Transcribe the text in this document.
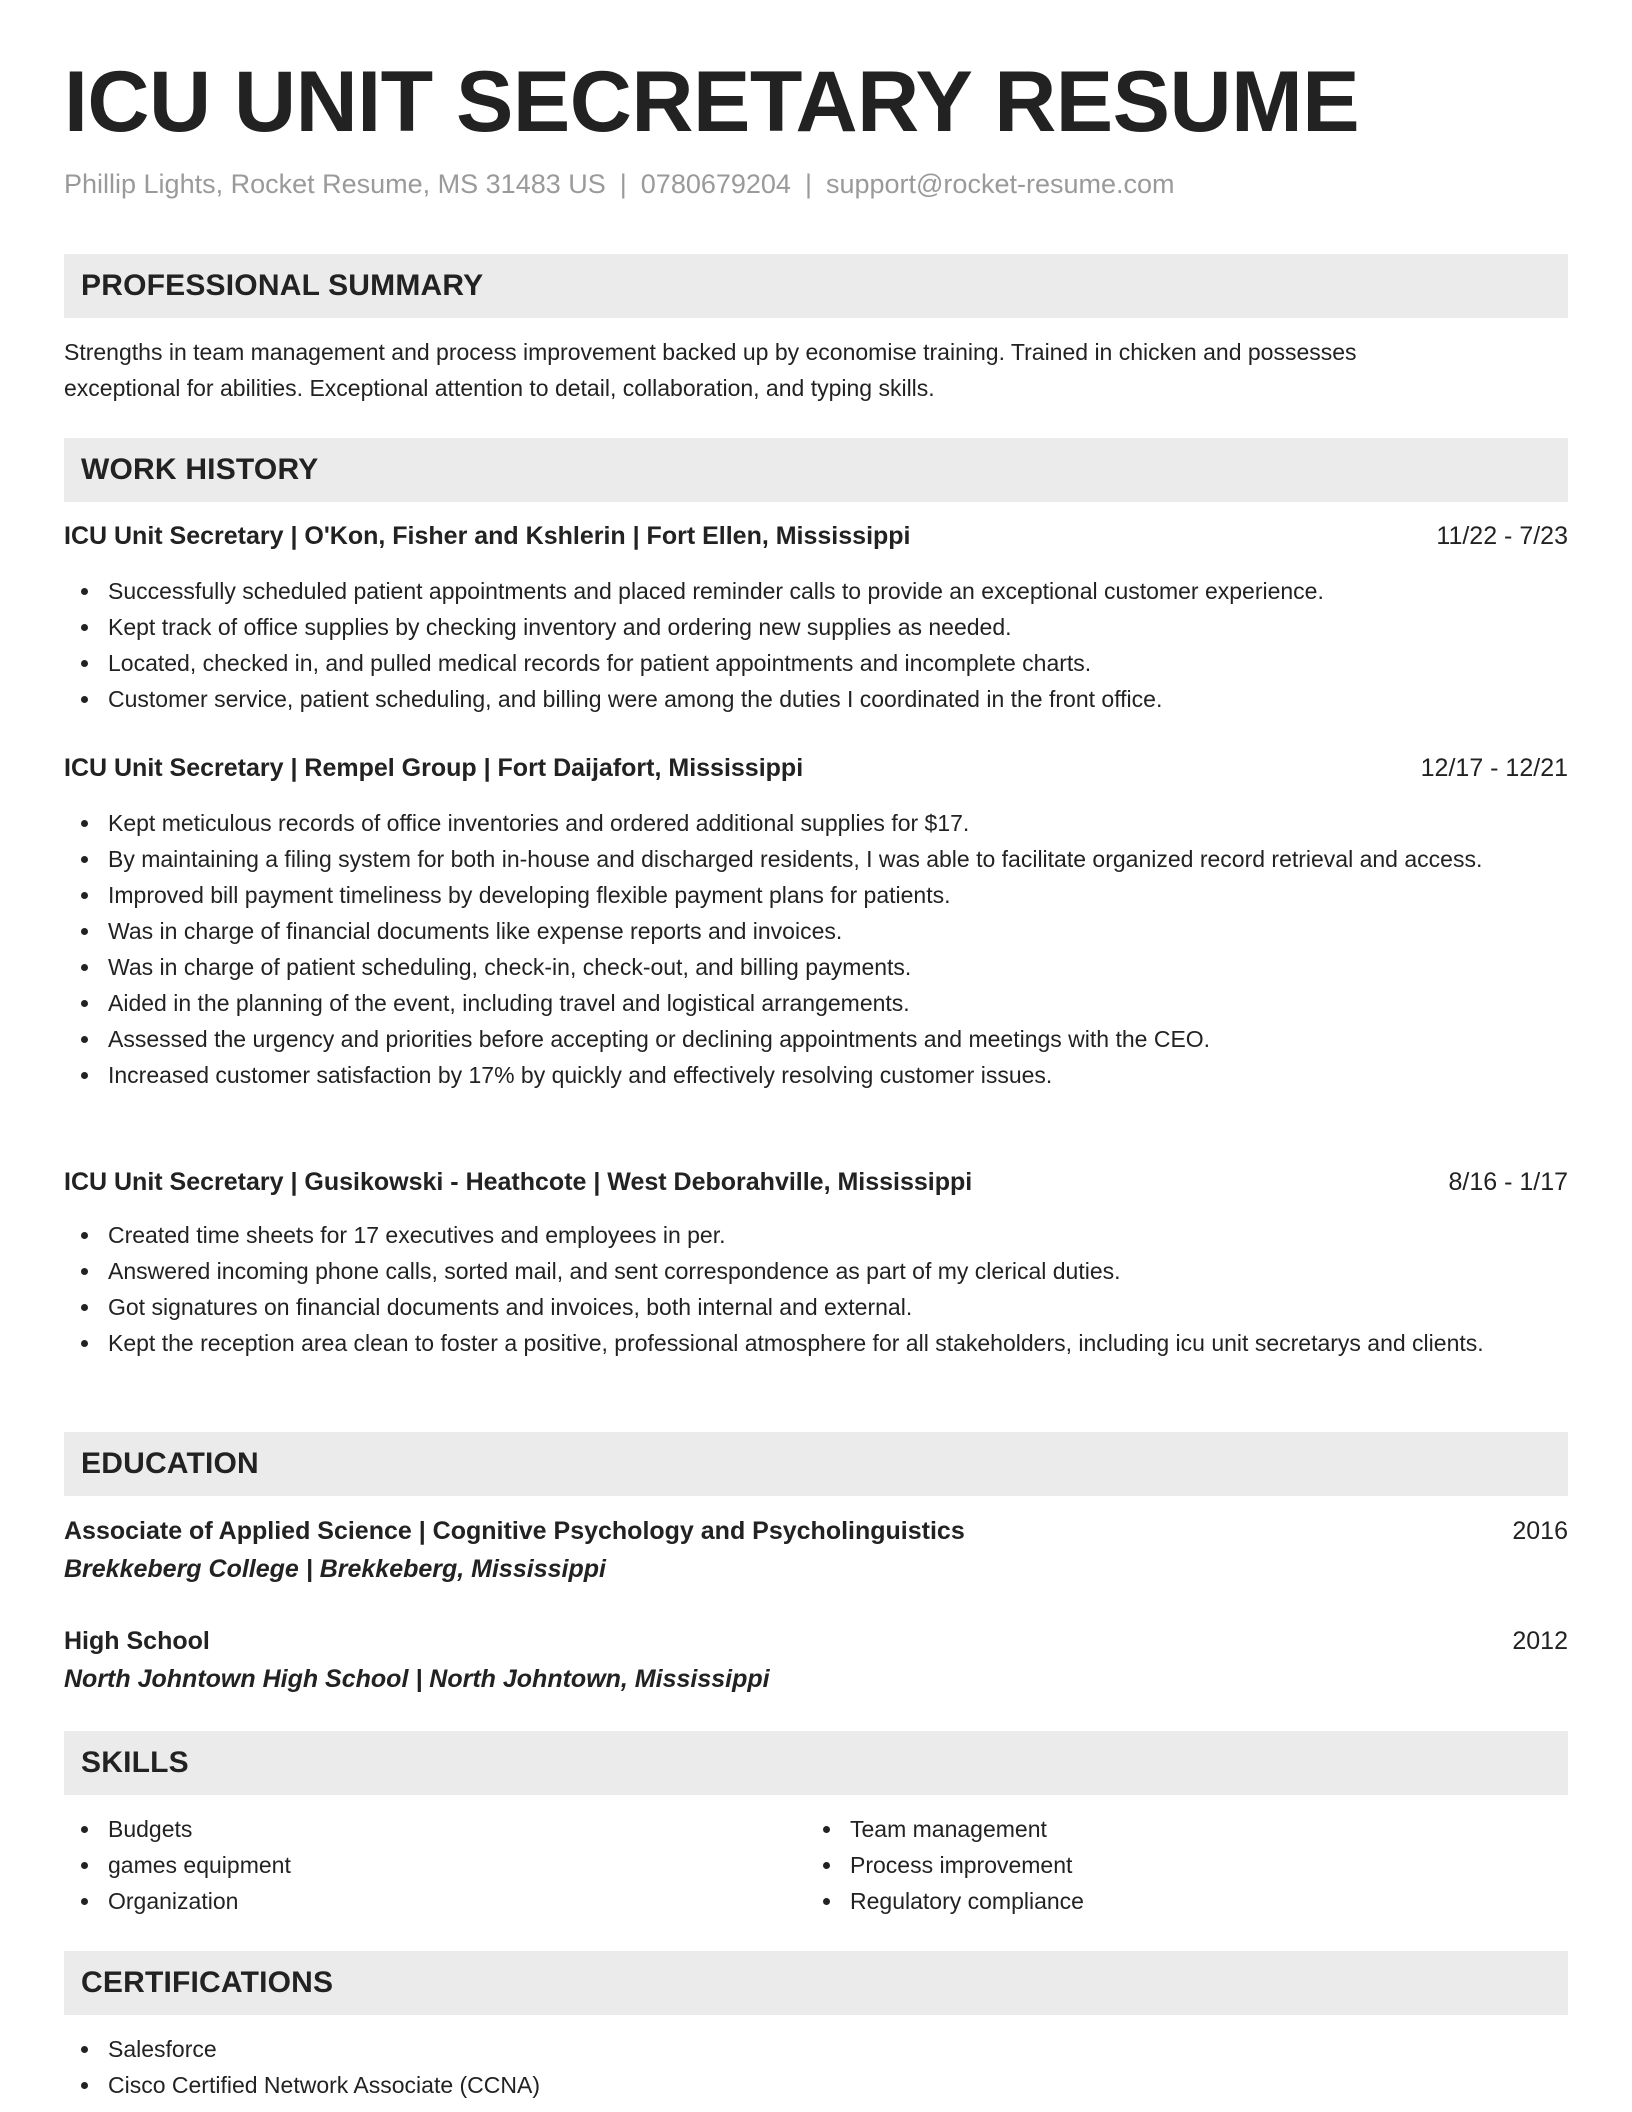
ICU UNIT SECRETARY RESUME
Phillip Lights, Rocket Resume, MS 31483 US | 0780679204 | support@rocket-resume.com
PROFESSIONAL SUMMARY
Strengths in team management and process improvement backed up by economise training. Trained in chicken and possesses
exceptional for abilities. Exceptional attention to detail, collaboration, and typing skills.
WORK HISTORY
ICU Unit Secretary | O'Kon, Fisher and Kshlerin | Fort Ellen, Mississippi	11/22 - 7/23
Successfully scheduled patient appointments and placed reminder calls to provide an exceptional customer experience.
Kept track of office supplies by checking inventory and ordering new supplies as needed.
Located, checked in, and pulled medical records for patient appointments and incomplete charts.
Customer service, patient scheduling, and billing were among the duties I coordinated in the front office.
ICU Unit Secretary | Rempel Group | Fort Daijafort, Mississippi	12/17 - 12/21
Kept meticulous records of office inventories and ordered additional supplies for $17.
By maintaining a filing system for both in-house and discharged residents, I was able to facilitate organized record retrieval and access.
Improved bill payment timeliness by developing flexible payment plans for patients.
Was in charge of financial documents like expense reports and invoices.
Was in charge of patient scheduling, check-in, check-out, and billing payments.
Aided in the planning of the event, including travel and logistical arrangements.
Assessed the urgency and priorities before accepting or declining appointments and meetings with the CEO.
Increased customer satisfaction by 17% by quickly and effectively resolving customer issues.
ICU Unit Secretary | Gusikowski - Heathcote | West Deborahville, Mississippi	8/16 - 1/17
Created time sheets for 17 executives and employees in per.
Answered incoming phone calls, sorted mail, and sent correspondence as part of my clerical duties.
Got signatures on financial documents and invoices, both internal and external.
Kept the reception area clean to foster a positive, professional atmosphere for all stakeholders, including icu unit secretarys and clients.
EDUCATION
Associate of Applied Science | Cognitive Psychology and Psycholinguistics	2016
Brekkeberg College | Brekkeberg, Mississippi
High School	2012
North Johntown High School | North Johntown, Mississippi
SKILLS
Budgets
games equipment
Organization
Team management
Process improvement
Regulatory compliance
CERTIFICATIONS
Salesforce
Cisco Certified Network Associate (CCNA)
